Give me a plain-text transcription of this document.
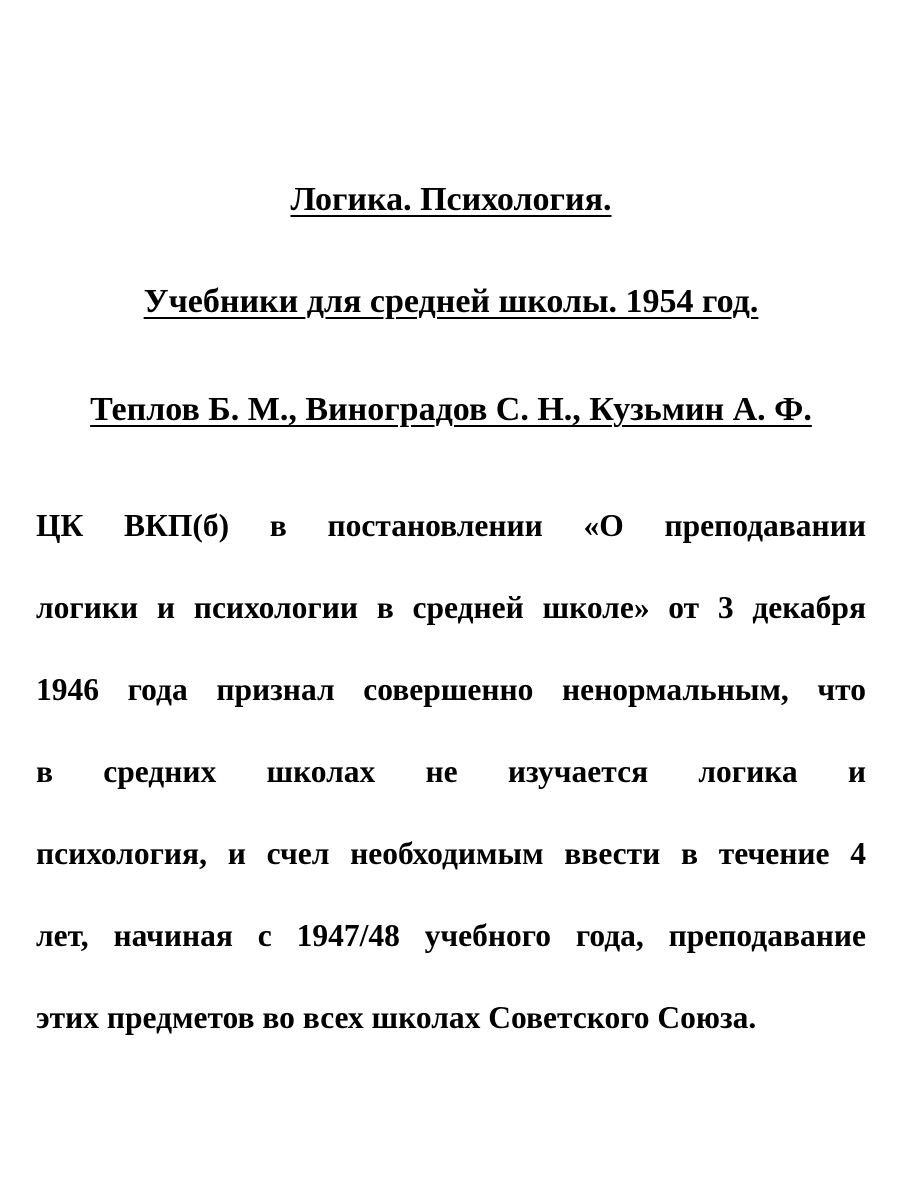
Логика. Психология.
Учебники для средней школы. 1954 год.
Теплов Б. М., Виноградов С. Н., Кузьмин А. Ф.
ЦК ВКП(б) в постановлении «О преподавании
логики и психологии в средней школе» от 3 декабря
1946 года признал совершенно ненормальным, что
в средних школах не изучается логика и
психология, и счел необходимым ввести в течение 4
лет, начиная с 1947/48 учебного года, преподавание
этих предметов во всех школах Советского Союза.
